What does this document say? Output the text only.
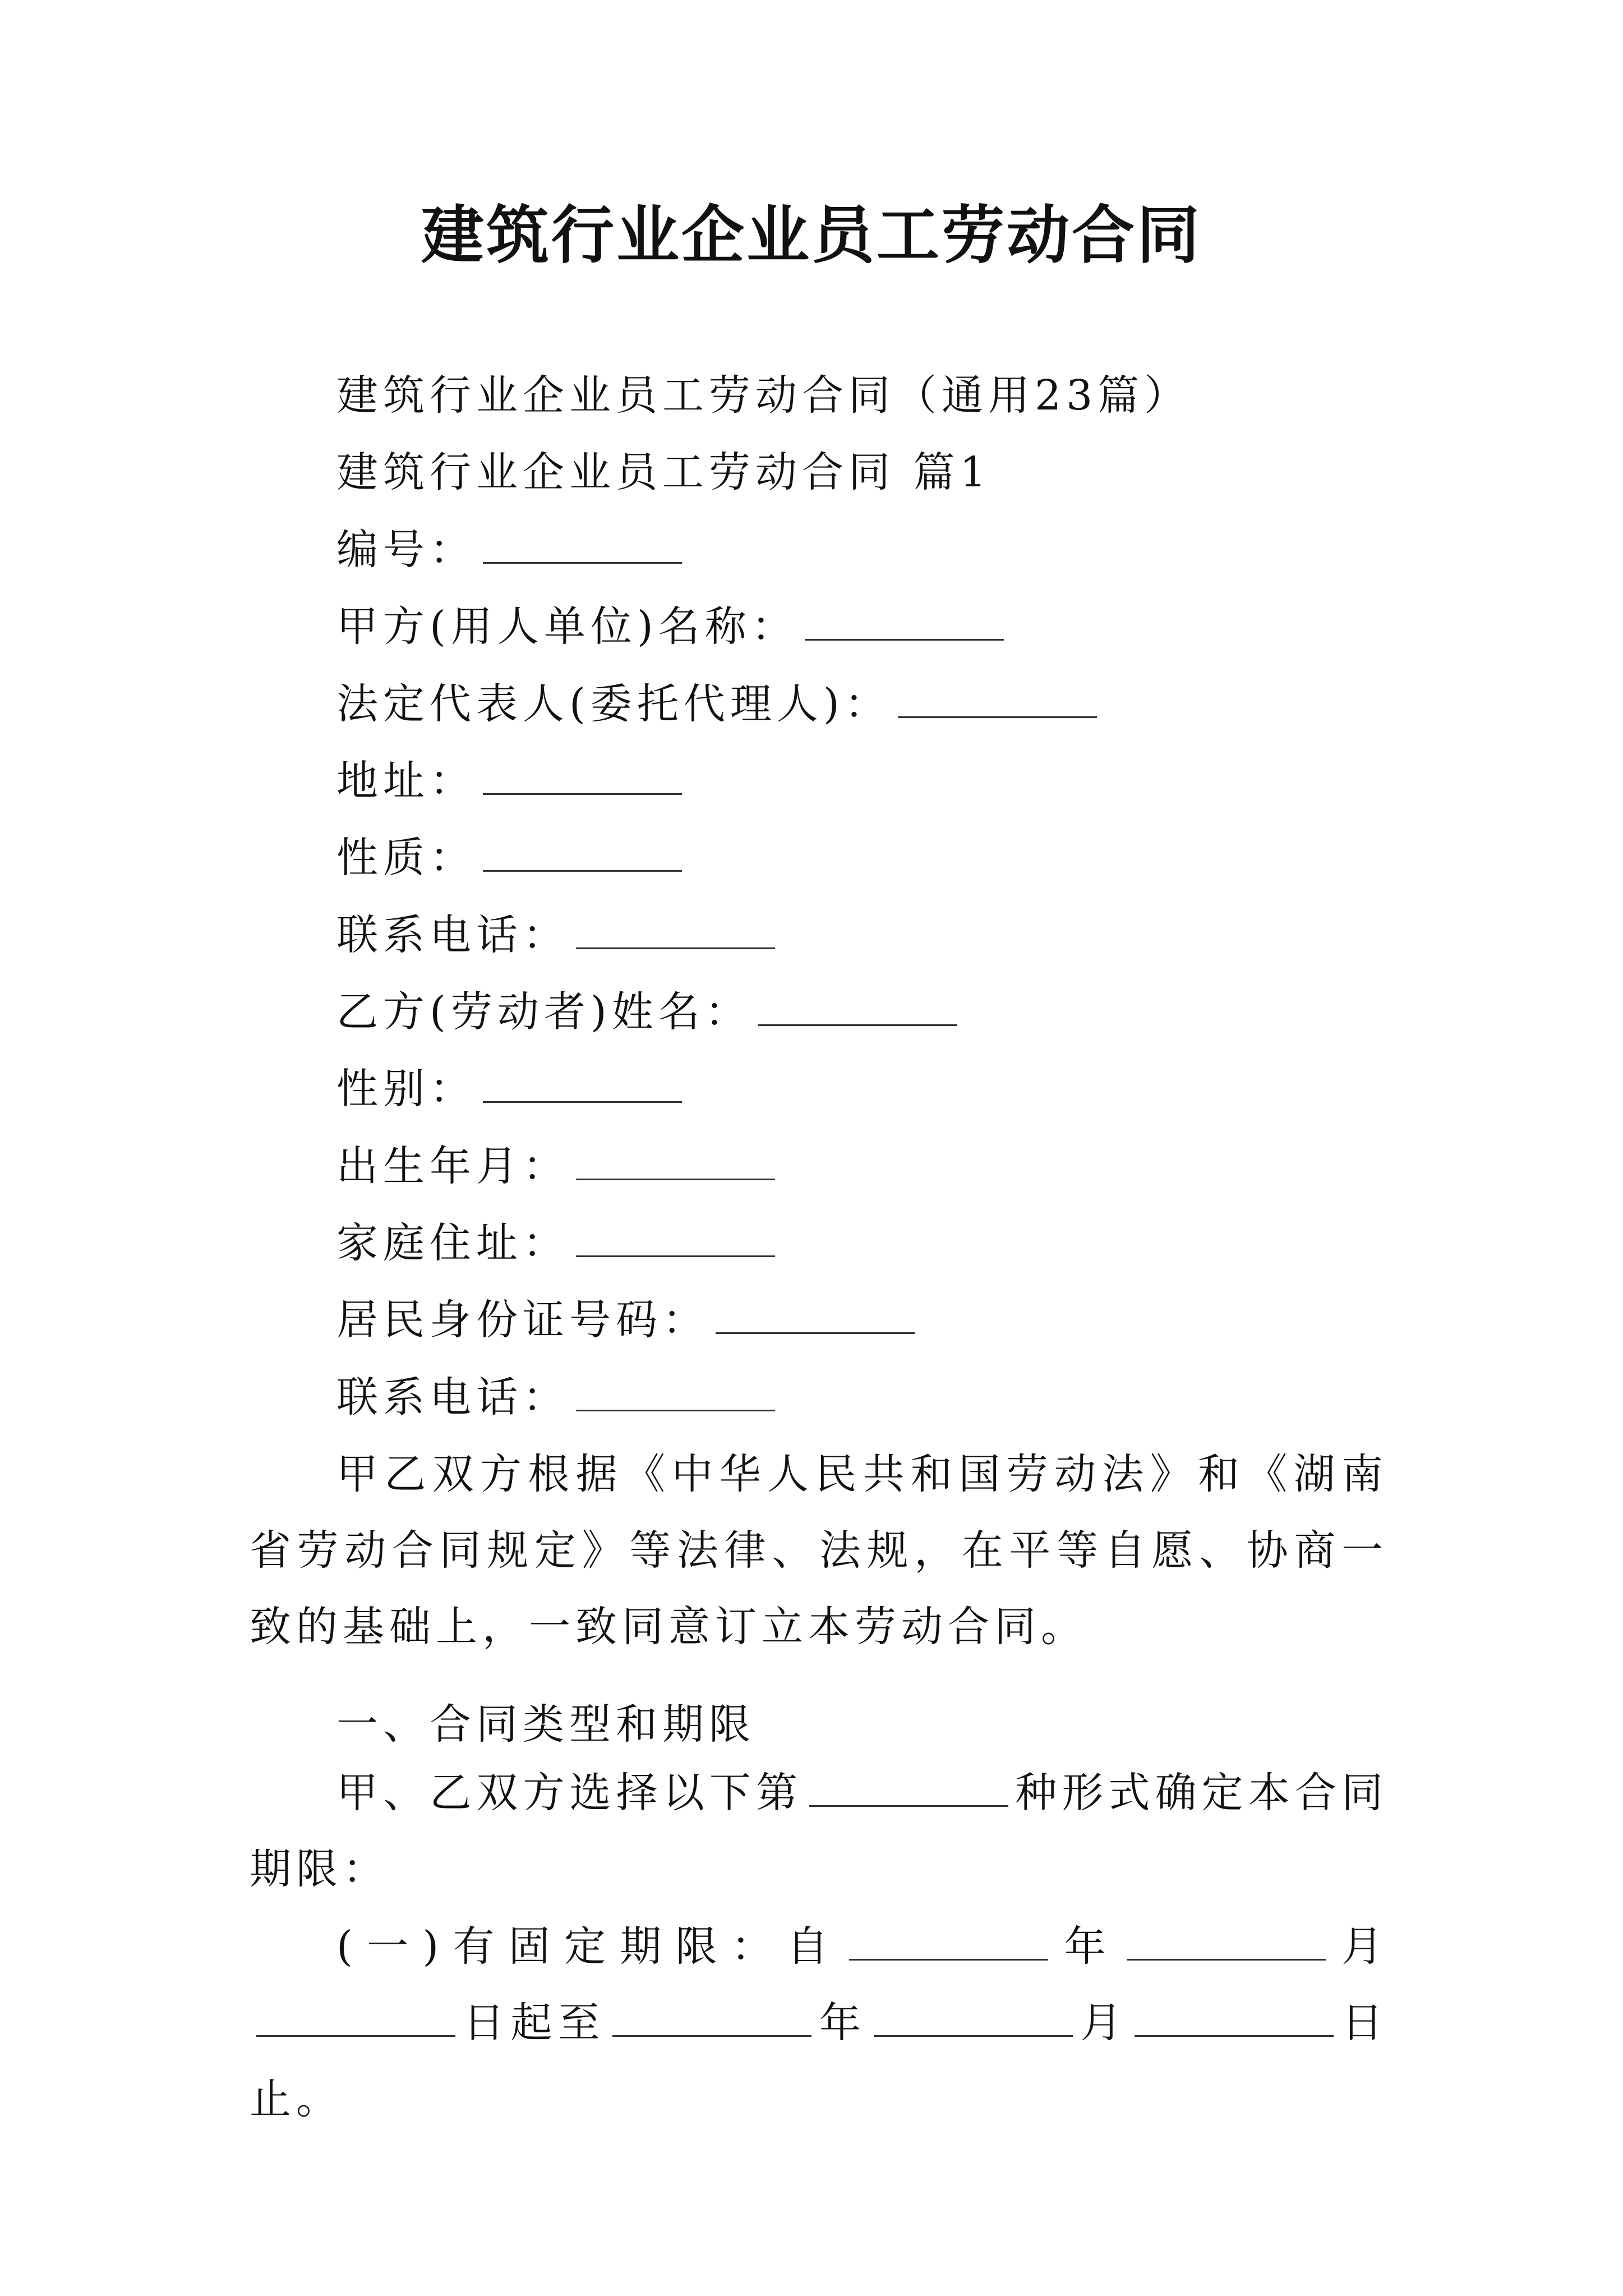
建筑行业企业员工劳动合同
建筑行业企业员工劳动合同（通用23篇）
建筑行业企业员工劳动合同 篇1
编号：
甲方(用人单位)名称：
法定代表人(委托代理人)：
地址：
性质：
联系电话：
乙方(劳动者)姓名：
性别：
出生年月：
家庭住址：
居民身份证号码：
联系电话：

甲乙双方根据《中华人民共和国劳动法》和《湖南省劳动合同规定》等法律、法规，在平等自愿、协商一致的基础上，一致同意订立本劳动合同。

一、合同类型和期限

甲、乙双方选择以下第	种形式确定本合同期限：

(一)有固定期限：自	年	月日起至	年	月	日止。
